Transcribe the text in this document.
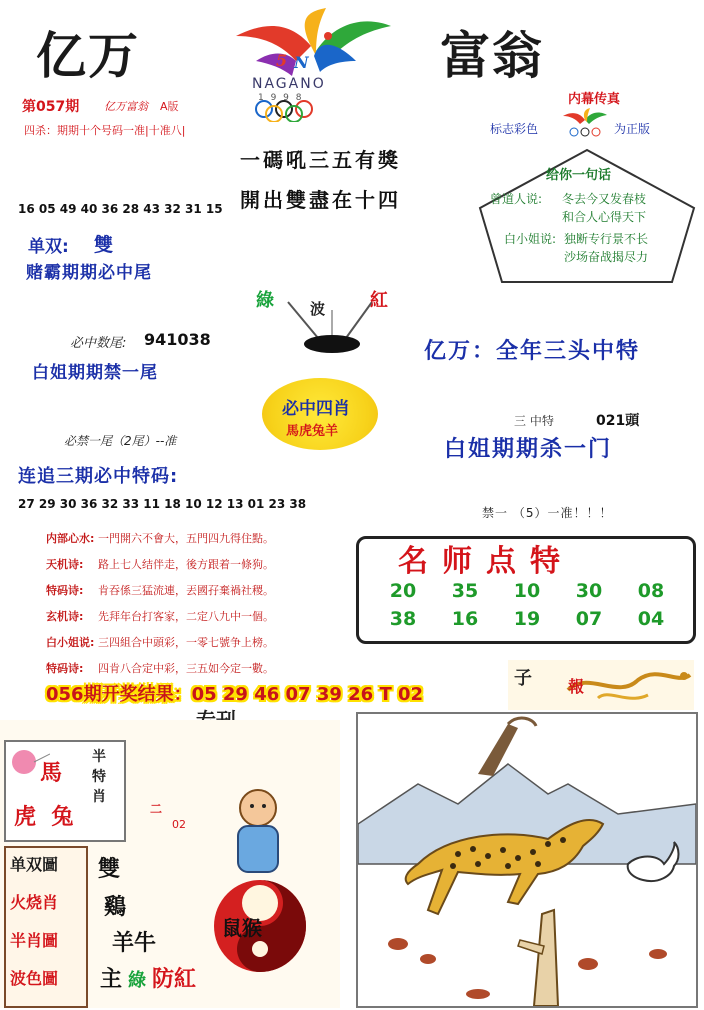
亿万	富翁
5 N
NAGANO
1 9 9 8
第057期 亿万富翁 A版
四杀：期期十个号码一准|十准八|
一碼吼三五有獎
開出雙盡在十四
内幕传真
标志彩色	为正版
给你一句话
曾道人说: 冬去今又发春枝
和合人心得天下
白小姐说: 独断专行景不长
沙场奋战揭尽力
16 05 49 40 36 28 43 32 31 15
单双: 雙
赌霸期期必中尾
綠 波 紅
必中数尾: 941038
白姐期期禁一尾
亿万：全年三头中特
必中四肖
馬虎兔羊
三 中特	021頭
白姐期期杀一门
必禁一尾（2尾）--准
连追三期必中特码:
27 29 30 36 32 33 11 18 10 12 13 01 23 38
禁一 （5）一准！！！
内部心水: 一門開六不會大，五門四九得住點。
天机诗: 路上七人结伴走，後方跟着一條狗。
特码诗: 肯吞係三猛流連，丟國孖棄禍社稷。
玄机诗: 先拜年台打客家，二定八九中一個。
白小姐说: 三四組合中頭彩，一零七號争上榜。
特码诗: 四肯八合定中彩，三五如今定一數。
名师点特
20	35	10	30	08
38	16	19	07	04
056期开奖结果：05 29 46 07 39 26 T 02
子 報
馬
虎  兔
半特肖
二
02
单双圖
火烧肖
半肖圖
波色圖
雙
鷄
羊牛
鼠猴
主 綠 防紅
